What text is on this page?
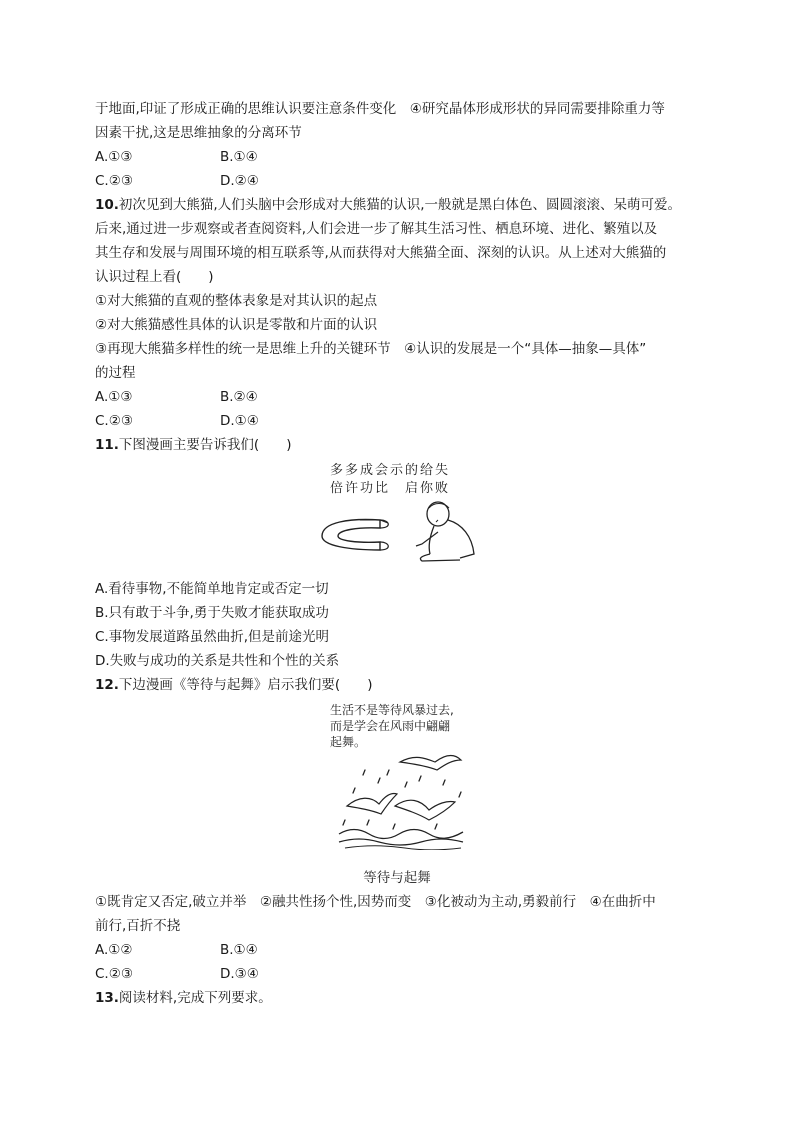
于地面,印证了形成正确的思维认识要注意条件变化　④研究晶体形成形状的异同需要排除重力等
因素干扰,这是思维抽象的分离环节
A.①③	B.①④
C.②③	D.②④
10.初次见到大熊猫,人们头脑中会形成对大熊猫的认识,一般就是黑白体色、圆圆滚滚、呆萌可爱。
后来,通过进一步观察或者查阅资料,人们会进一步了解其生活习性、栖息环境、进化、繁殖以及
其生存和发展与周围环境的相互联系等,从而获得对大熊猫全面、深刻的认识。从上述对大熊猫的
认识过程上看(　　)
①对大熊猫的直观的整体表象是对其认识的起点
②对大熊猫感性具体的认识是零散和片面的认识
③再现大熊猫多样性的统一是思维上升的关键环节　④认识的发展是一个“具体—抽象—具体”
的过程
A.①③	B.②④
C.②③	D.①④
11.下图漫画主要告诉我们(　　)
多多成会示的给失
倍许功比　启你败
A.看待事物,不能简单地肯定或否定一切
B.只有敢于斗争,勇于失败才能获取成功
C.事物发展道路虽然曲折,但是前途光明
D.失败与成功的关系是共性和个性的关系
12.下边漫画《等待与起舞》启示我们要(　　)
生活不是等待风暴过去,
而是学会在风雨中翩翩
起舞。
等待与起舞
①既肯定又否定,破立并举　②融共性扬个性,因势而变　③化被动为主动,勇毅前行　④在曲折中
前行,百折不挠
A.①②	B.①④
C.②③	D.③④
13.阅读材料,完成下列要求。
